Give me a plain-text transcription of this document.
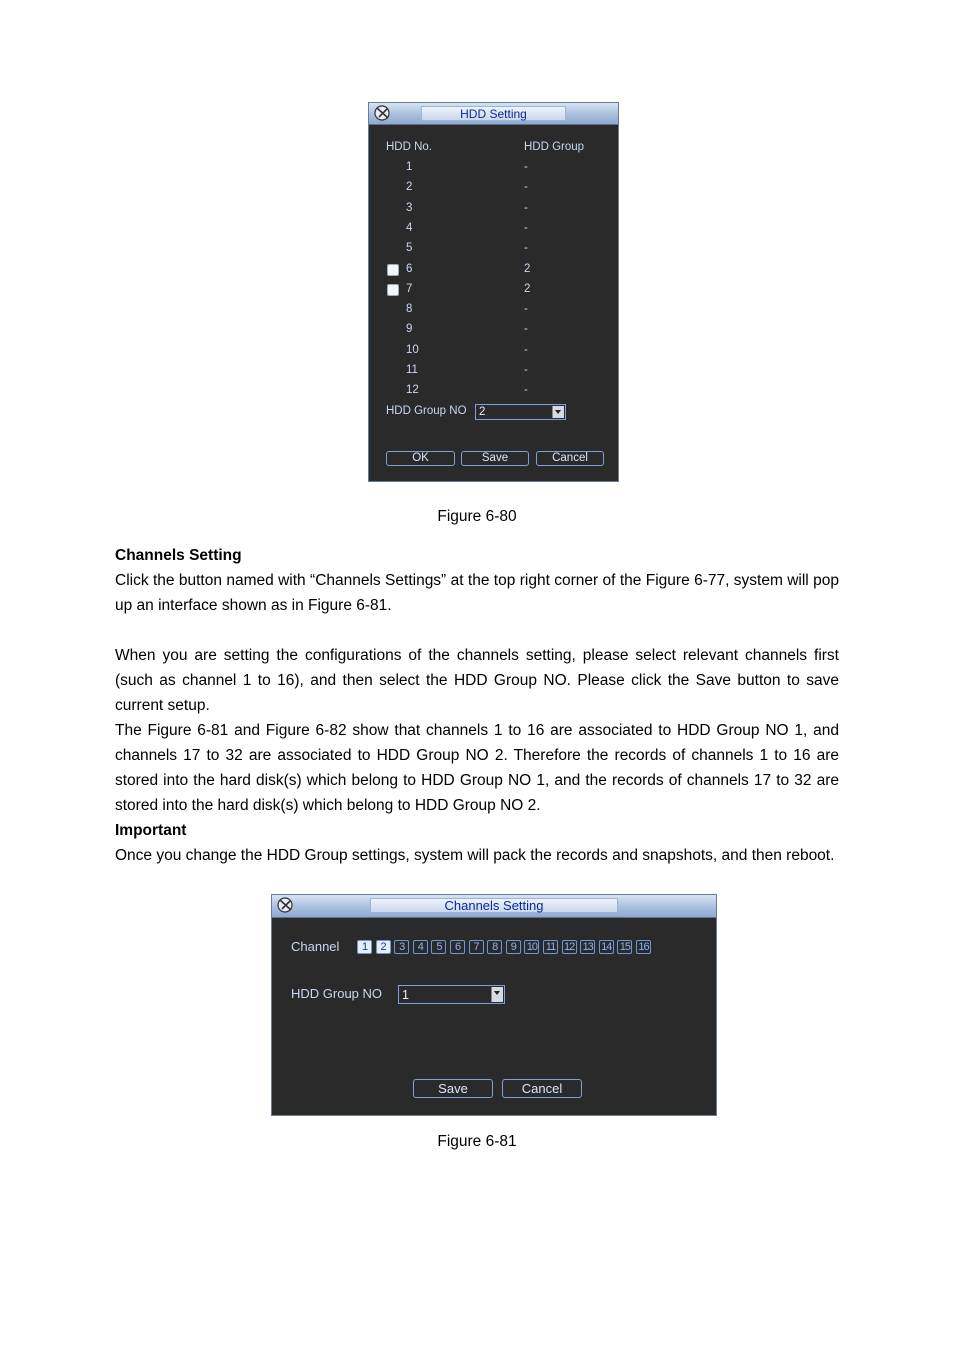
HDD Setting
HDD No.	HDD Group
1	-
2	-
3	-
4	-
5	-
6	2
7	2
8	-
9	-
10	-
11	-
12	-
HDD Group NO 2
OK	Save	Cancel
Figure 6-80

Channels Setting

Click the button named with “Channels Settings” at the top right corner of the Figure 6-77, system will pop up an interface shown as in Figure 6-81.

When you are setting the configurations of the channels setting, please select relevant channels first (such as channel 1 to 16), and then select the HDD Group NO. Please click the Save button to save current setup.

The Figure 6-81 and Figure 6-82 show that channels 1 to 16 are associated to HDD Group NO 1, and channels 17 to 32 are associated to HDD Group NO 2. Therefore the records of channels 1 to 16 are stored into the hard disk(s) which belong to HDD Group NO 1, and the records of channels 17 to 32 are stored into the hard disk(s) which belong to HDD Group NO 2.

Important

Once you change the HDD Group settings, system will pack the records and snapshots, and then reboot.

Channels Setting
Channel	1	2	3	4	5	6	7	8	9 10 11 12 13 14 15 16
HDD Group NO 1
Save	Cancel
Figure 6-81
